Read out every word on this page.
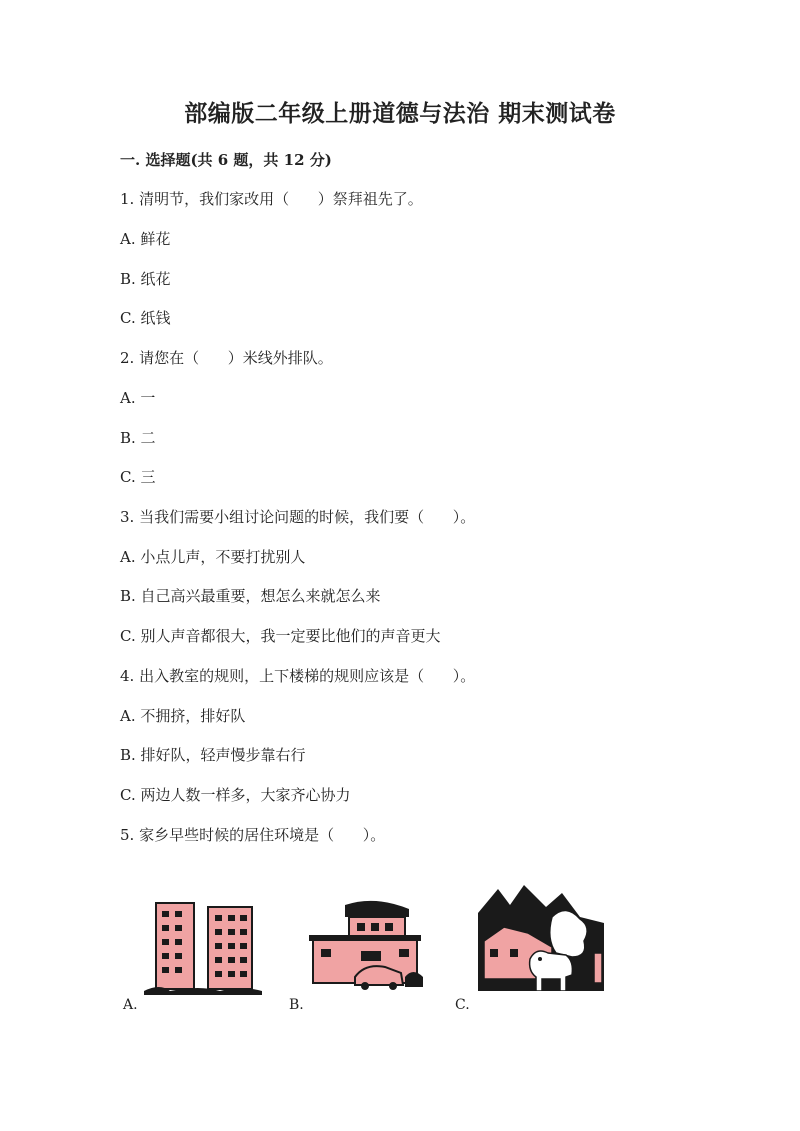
部编版二年级上册道德与法治 期末测试卷
一. 选择题(共 6 题，共 12 分)
1. 清明节，我们家改用（      ）祭拜祖先了。
A. 鲜花
B. 纸花
C. 纸钱
2. 请您在（      ）米线外排队。
A. 一
B. 二
C. 三
3. 当我们需要小组讨论问题的时候，我们要（      ）。
A. 小点儿声，不要打扰别人
B. 自己高兴最重要，想怎么来就怎么来
C. 别人声音都很大，我一定要比他们的声音更大
4. 出入教室的规则，上下楼梯的规则应该是（      ）。
A. 不拥挤，排好队
B. 排好队，轻声慢步靠右行
C. 两边人数一样多，大家齐心协力
5. 家乡早些时候的居住环境是（      ）。
A.	B.	C.
